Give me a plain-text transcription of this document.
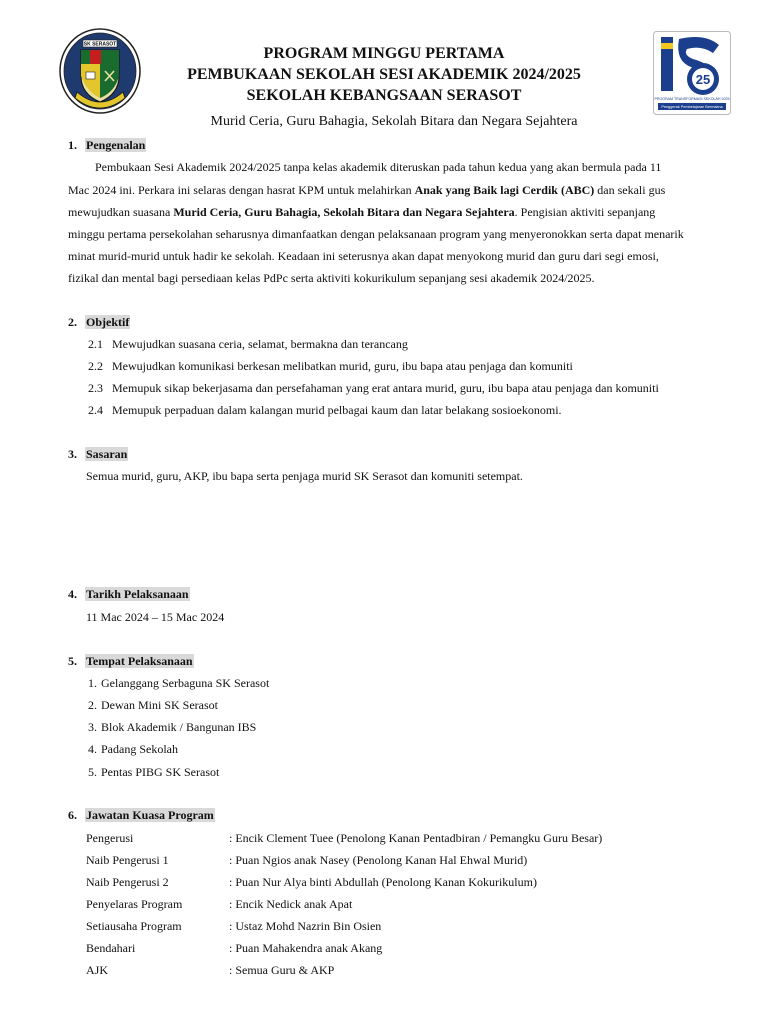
SK SERASOT
PROGRAM MINGGU PERTAMA
PEMBUKAAN SEKOLAH SESI AKADEMIK 2024/2025
SEKOLAH KEBANGSAAN SERASOT
Murid Ceria, Guru Bahagia, Sekolah Bitara dan Negara Sejahtera
25
PROGRAM TRANSFORMASI SEKOLAH 2025
Penggerak Pembelajaran Bermakna
1. Pengenalan
Pembukaan Sesi Akademik 2024/2025 tanpa kelas akademik diteruskan pada tahun kedua yang akan bermula pada 11
Mac 2024 ini. Perkara ini selaras dengan hasrat KPM untuk melahirkan Anak yang Baik lagi Cerdik (ABC) dan sekali gus
mewujudkan suasana Murid Ceria, Guru Bahagia, Sekolah Bitara dan Negara Sejahtera. Pengisian aktiviti sepanjang
minggu pertama persekolahan seharusnya dimanfaatkan dengan pelaksanaan program yang menyeronokkan serta dapat menarik
minat murid-murid untuk hadir ke sekolah. Keadaan ini seterusnya akan dapat menyokong murid dan guru dari segi emosi,
fizikal dan mental bagi persediaan kelas PdPc serta aktiviti kokurikulum sepanjang sesi akademik 2024/2025.
2. Objektif
2.1 Mewujudkan suasana ceria, selamat, bermakna dan terancang
2.2 Mewujudkan komunikasi berkesan melibatkan murid, guru, ibu bapa atau penjaga dan komuniti
2.3 Memupuk sikap bekerjasama dan persefahaman yang erat antara murid, guru, ibu bapa atau penjaga dan komuniti
2.4 Memupuk perpaduan dalam kalangan murid pelbagai kaum dan latar belakang sosioekonomi.
3. Sasaran
Semua murid, guru, AKP, ibu bapa serta penjaga murid SK Serasot dan komuniti setempat.
4. Tarikh Pelaksanaan
11 Mac 2024 – 15 Mac 2024
5. Tempat Pelaksanaan
1. Gelanggang Serbaguna SK Serasot
2. Dewan Mini SK Serasot
3. Blok Akademik / Bangunan IBS
4. Padang Sekolah
5. Pentas PIBG SK Serasot
6. Jawatan Kuasa Program
Pengerusi	: Encik Clement Tuee (Penolong Kanan Pentadbiran / Pemangku Guru Besar)
Naib Pengerusi 1	: Puan Ngios anak Nasey (Penolong Kanan Hal Ehwal Murid)
Naib Pengerusi 2	: Puan Nur Alya binti Abdullah (Penolong Kanan Kokurikulum)
Penyelaras Program	: Encik Nedick anak Apat
Setiausaha Program	: Ustaz Mohd Nazrin Bin Osien
Bendahari	: Puan Mahakendra anak Akang
AJK	: Semua Guru & AKP
